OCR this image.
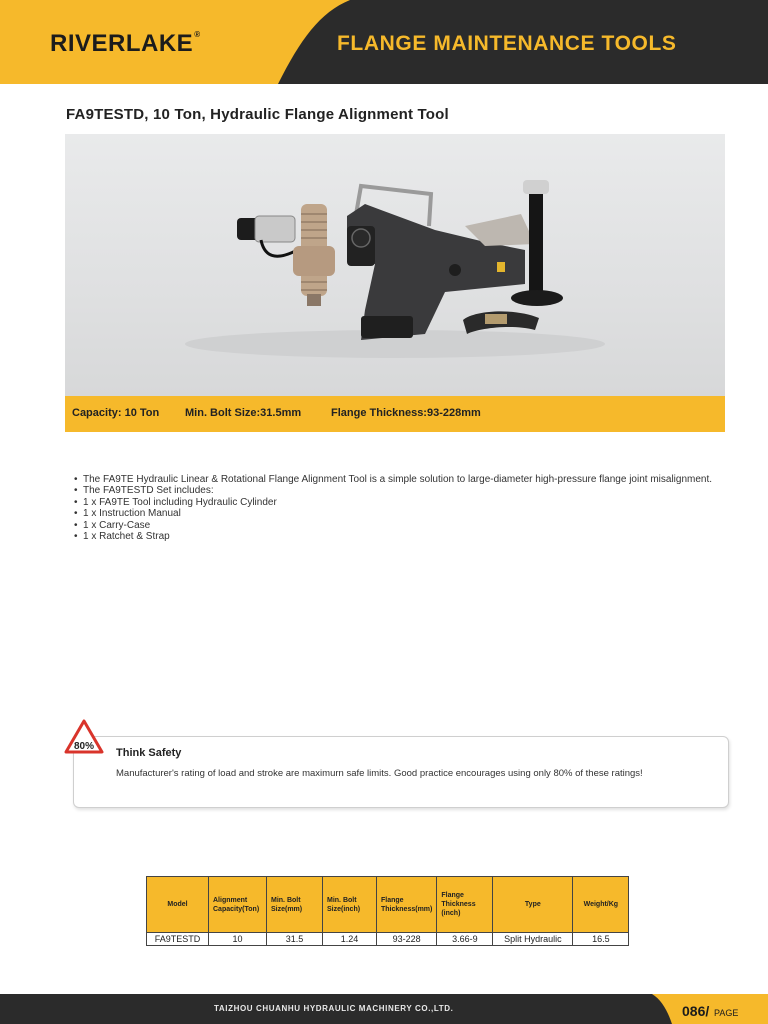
RIVERLAKE®	FLANGE MAINTENANCE TOOLS
FA9TESTD, 10 Ton, Hydraulic Flange Alignment Tool
Capacity: 10 Ton Min. Bolt Size:31.5mm	Flange Thickness:93-228mm
• The FA9TE Hydraulic Linear & Rotational Flange Alignment Tool is a simple solution to large-diameter high-pressure flange joint misalignment.
• The FA9TESTD Set includes:
• 1 x FA9TE Tool including Hydraulic Cylinder
• 1 x Instruction Manual
• 1 x Carry-Case
• 1 x Ratchet & Strap
80%
Think Safety
Manufacturer's rating of load and stroke are maximurn safe limits. Good practice encourages using only 80% of these ratings!
Model	Alignment Capacity(Ton)	Min. Bolt Size(mm)	Min. Bolt Size(inch)	Flange Thickness(mm)	Flange Thickness (inch)	Type	Weight/Kg
FA9TESTD	10	31.5	1.24	93-228	3.66-9	Split Hydraulic	16.5
TAIZHOU CHUANHU HYDRAULIC MACHINERY CO.,LTD.	086/ PAGE
